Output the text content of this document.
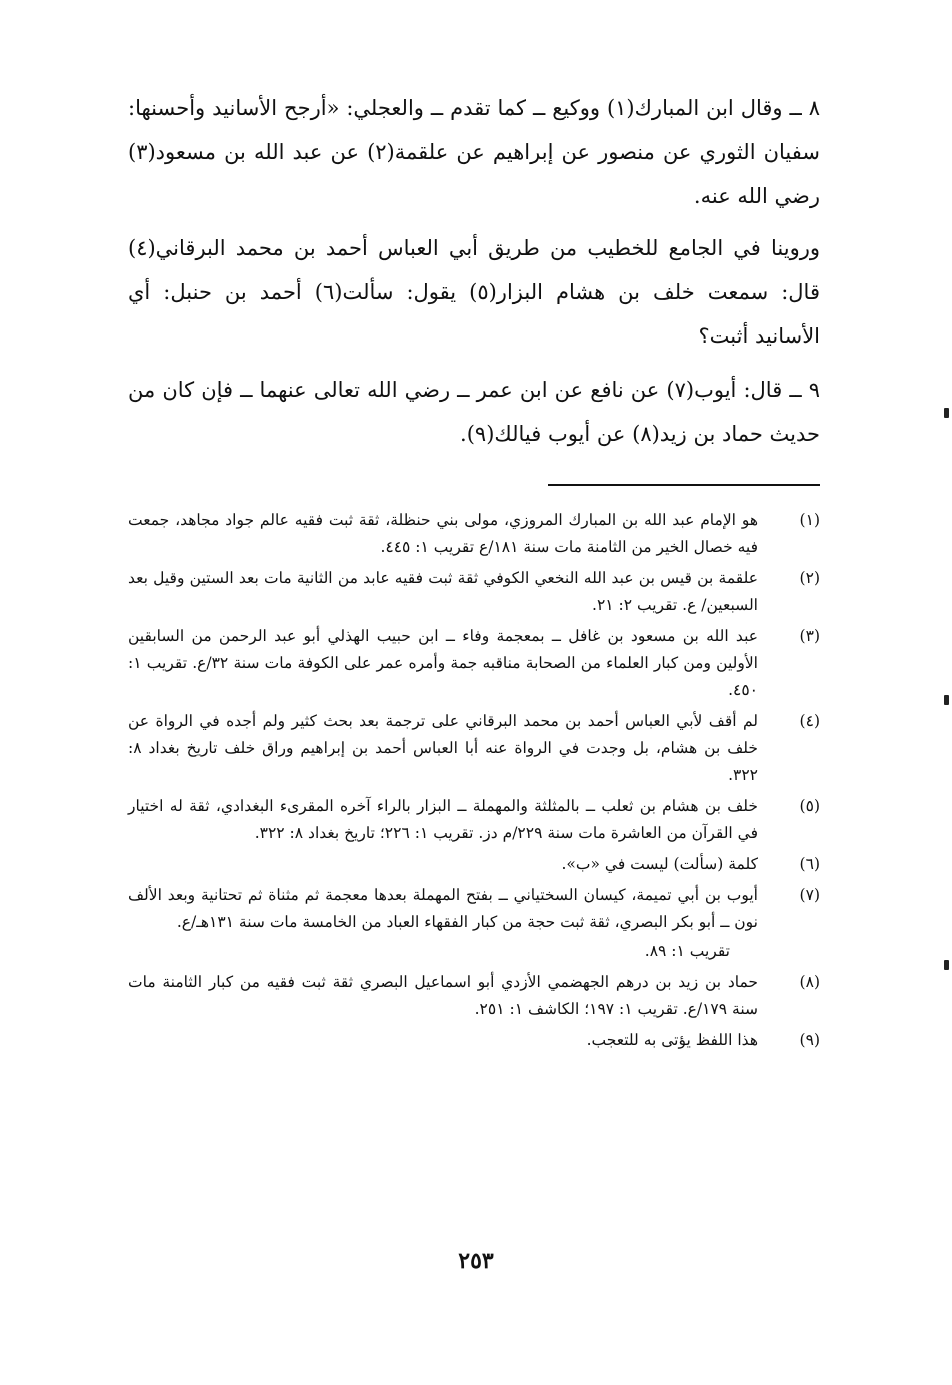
٨ ــ وقال ابن المبارك(١) ووكيع ــ كما تقدم ــ والعجلي: «أرجح الأسانيد وأحسنها: سفيان الثوري عن منصور عن إبراهيم عن علقمة(٢) عن عبد الله بن مسعود(٣) رضي الله عنه.

وروينا في الجامع للخطيب من طريق أبي العباس أحمد بن محمد البرقاني(٤) قال: سمعت خلف بن هشام البزار(٥) يقول: سألت(٦) أحمد بن حنبل: أي الأسانيد أثبت؟

٩ ــ قال: أيوب(٧) عن نافع عن ابن عمر ــ رضي الله تعالى عنهما ــ فإن كان من حديث حماد بن زيد(٨) عن أيوب فيالك(٩).

(١)
هو الإمام عبد الله بن المبارك المروزي، مولى بني حنظلة، ثقة ثبت فقيه عالم جواد مجاهد، جمعت فيه خصال الخير من الثامنة مات سنة ١٨١/ع تقريب ١: ٤٤٥.
(٢)
علقمة بن قيس بن عبد الله النخعي الكوفي ثقة ثبت فقيه عابد من الثانية مات بعد الستين وقيل بعد السبعين/ ع. تقريب ٢: ٢١.
(٣)
عبد الله بن مسعود بن غافل ــ بمعجمة وفاء ــ ابن حبيب الهذلي أبو عبد الرحمن من السابقين الأولين ومن كبار العلماء من الصحابة مناقبه جمة وأمره عمر على الكوفة مات سنة ٣٢/ع. تقريب ١: ٤٥٠.
(٤)
لم أقف لأبي العباس أحمد بن محمد البرقاني على ترجمة بعد بحث كثير ولم أجده في الرواة عن خلف بن هشام، بل وجدت في الرواة عنه أبا العباس أحمد بن إبراهيم وراق خلف تاريخ بغداد ٨: ٣٢٢.
(٥)
خلف بن هشام بن ثعلب ــ بالمثلثة والمهملة ــ البزار بالراء آخره المقرىء البغدادي، ثقة له اختيار في القرآن من العاشرة مات سنة ٢٢٩/م دز. تقريب ١: ٢٢٦؛ تاريخ بغداد ٨: ٣٢٢.
(٦)
كلمة (سألت) ليست في «ب».
(٧)
أيوب بن أبي تميمة، كيسان السختياني ــ بفتح المهملة بعدها معجمة ثم مثناة ثم تحتانية وبعد الألف نون ــ أبو بكر البصري، ثقة ثبت حجة من كبار الفقهاء العباد من الخامسة مات سنة ١٣١هـ/ع.
تقريب ١: ٨٩.
(٨)
حماد بن زيد بن درهم الجهضمي الأزدي أبو اسماعيل البصري ثقة ثبت فقيه من كبار الثامنة مات سنة ١٧٩/ع. تقريب ١: ١٩٧؛ الكاشف ١: ٢٥١.
(٩)
هذا اللفظ يؤتى به للتعجب.
٢٥٣
